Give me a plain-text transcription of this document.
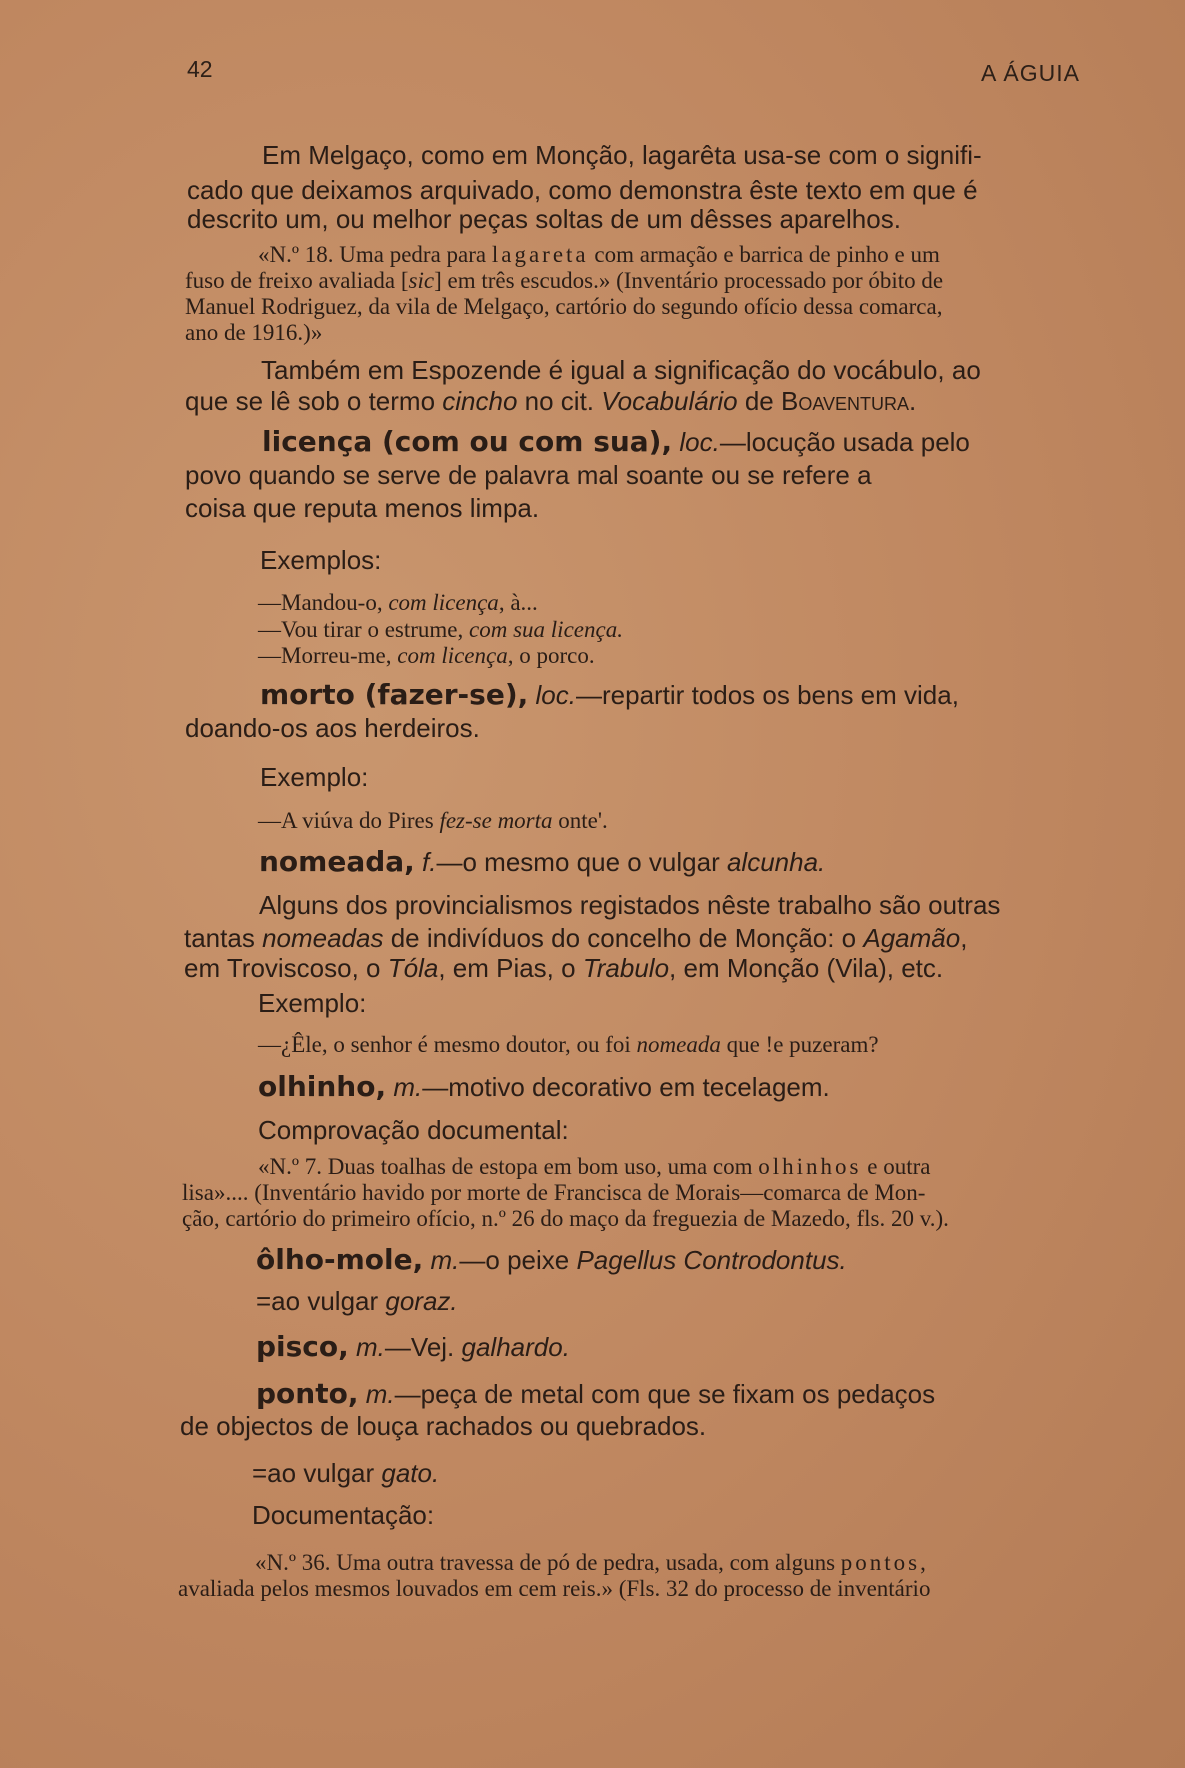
42	A ÁGUIA
Em Melgaço, como em Monção, lagarêta usa-se com o signifi-
cado que deixamos arquivado, como demonstra êste texto em que é
descrito um, ou melhor peças soltas de um dêsses aparelhos.
«N.º 18. Uma pedra para lagareta com armação e barrica de pinho e um
fuso de freixo avaliada [sic] em três escudos.» (Inventário processado por óbito de
Manuel Rodriguez, da vila de Melgaço, cartório do segundo ofício dessa comarca,
ano de 1916.)»
Também em Espozende é igual a significação do vocábulo, ao
que se lê sob o termo cincho no cit. Vocabulário de Boaventura.
licença (com ou com sua), loc.—locução usada pelo
povo quando se serve de palavra mal soante ou se refere a
coisa que reputa menos limpa.
Exemplos:
—Mandou-o, com licença, à...
—Vou tirar o estrume, com sua licença.
—Morreu-me, com licença, o porco.
morto (fazer-se), loc.—repartir todos os bens em vida,
doando-os aos herdeiros.
Exemplo:
—A viúva do Pires fez-se morta onte'.
nomeada, f.—o mesmo que o vulgar alcunha.
Alguns dos provincialismos registados nêste trabalho são outras
tantas nomeadas de indivíduos do concelho de Monção: o Agamão,
em Troviscoso, o Tóla, em Pias, o Trabulo, em Monção (Vila), etc.
Exemplo:
—¿Êle, o senhor é mesmo doutor, ou foi nomeada que !e puzeram?
olhinho, m.—motivo decorativo em tecelagem.
Comprovação documental:
«N.º 7. Duas toalhas de estopa em bom uso, uma com olhinhos e outra
lisa».... (Inventário havido por morte de Francisca de Morais—comarca de Mon-
ção, cartório do primeiro ofício, n.º 26 do maço da freguezia de Mazedo, fls. 20 v.).
ôlho-mole, m.—o peixe Pagellus Controdontus.
=ao vulgar goraz.
pisco, m.—Vej. galhardo.
ponto, m.—peça de metal com que se fixam os pedaços
de objectos de louça rachados ou quebrados.
=ao vulgar gato.
Documentação:
«N.º 36. Uma outra travessa de pó de pedra, usada, com alguns pontos,
avaliada pelos mesmos louvados em cem reis.» (Fls. 32 do processo de inventário
